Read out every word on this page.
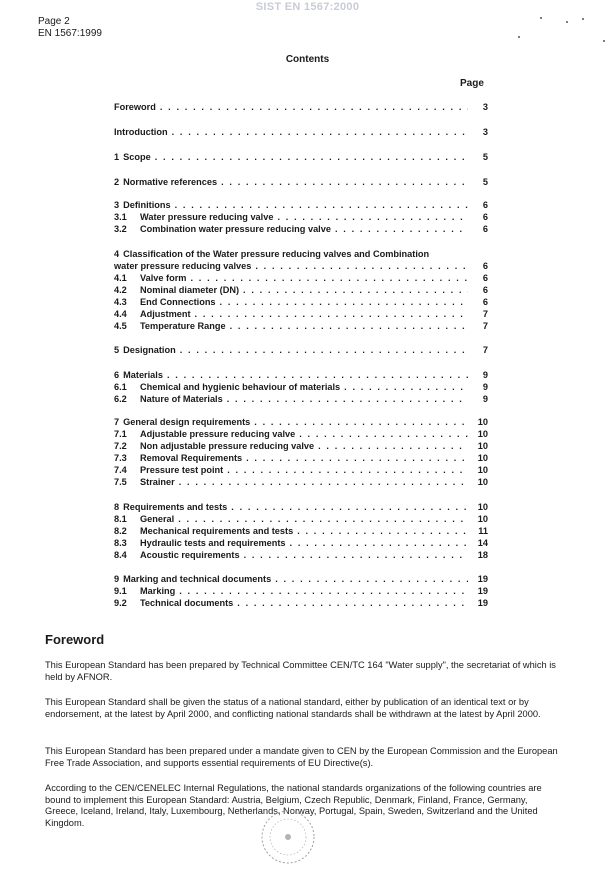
SIST EN 1567:2000
Page 2
EN 1567:1999
Contents
Page
Foreword . . .	3
Introduction . . .	3
1 Scope . . .	5
2 Normative references . . .	5
3 Definitions . . .	6
3.1	Water pressure reducing valve . . .	6
3.2	Combination water pressure reducing valve . . .	6
4 Classification of the Water pressure reducing valves and Combination
water pressure reducing valves . . .	6
4.1	Valve form . . .	6
4.2	Nominal diameter (DN) . . .	6
4.3	End Connections . . .	6
4.4	Adjustment . . .	7
4.5	Temperature Range . . .	7
5 Designation . . .	7
6 Materials . . .	9
6.1	Chemical and hygienic behaviour of materials . . .	9
6.2	Nature of Materials . . .	9
7 General design requirements . . .	10
7.1	Adjustable pressure reducing valve . . .	10
7.2	Non adjustable pressure reducing valve . . .	10
7.3	Removal Requirements . . .	10
7.4	Pressure test point . . .	10
7.5	Strainer . . .	10
8 Requirements and tests . . .	10
8.1	General . . .	10
8.2	Mechanical requirements and tests . . .	11
8.3	Hydraulic tests and requirements . . .	14
8.4	Acoustic requirements . . .	18
9 Marking and technical documents . . .	19
9.1	Marking . . .	19
9.2	Technical documents . . .	19
Foreword

This European Standard has been prepared by Technical Committee CEN/TC 164 "Water supply", the secretariat of which is held by AFNOR.

This European Standard shall be given the status of a national standard, either by publication of an identical text or by endorsement, at the latest by April 2000, and conflicting national standards shall be withdrawn at the latest by April 2000.

This European Standard has been prepared under a mandate given to CEN by the European Commission and the European Free Trade Association, and supports essential requirements of EU Directive(s).

According to the CEN/CENELEC Internal Regulations, the national standards organizations of the following countries are bound to implement this European Standard: Austria, Belgium, Czech Republic, Denmark, Finland, France, Germany, Greece, Iceland, Ireland, Italy, Luxembourg, Netherlands, Norway, Portugal, Spain, Sweden, Switzerland and the United Kingdom.
